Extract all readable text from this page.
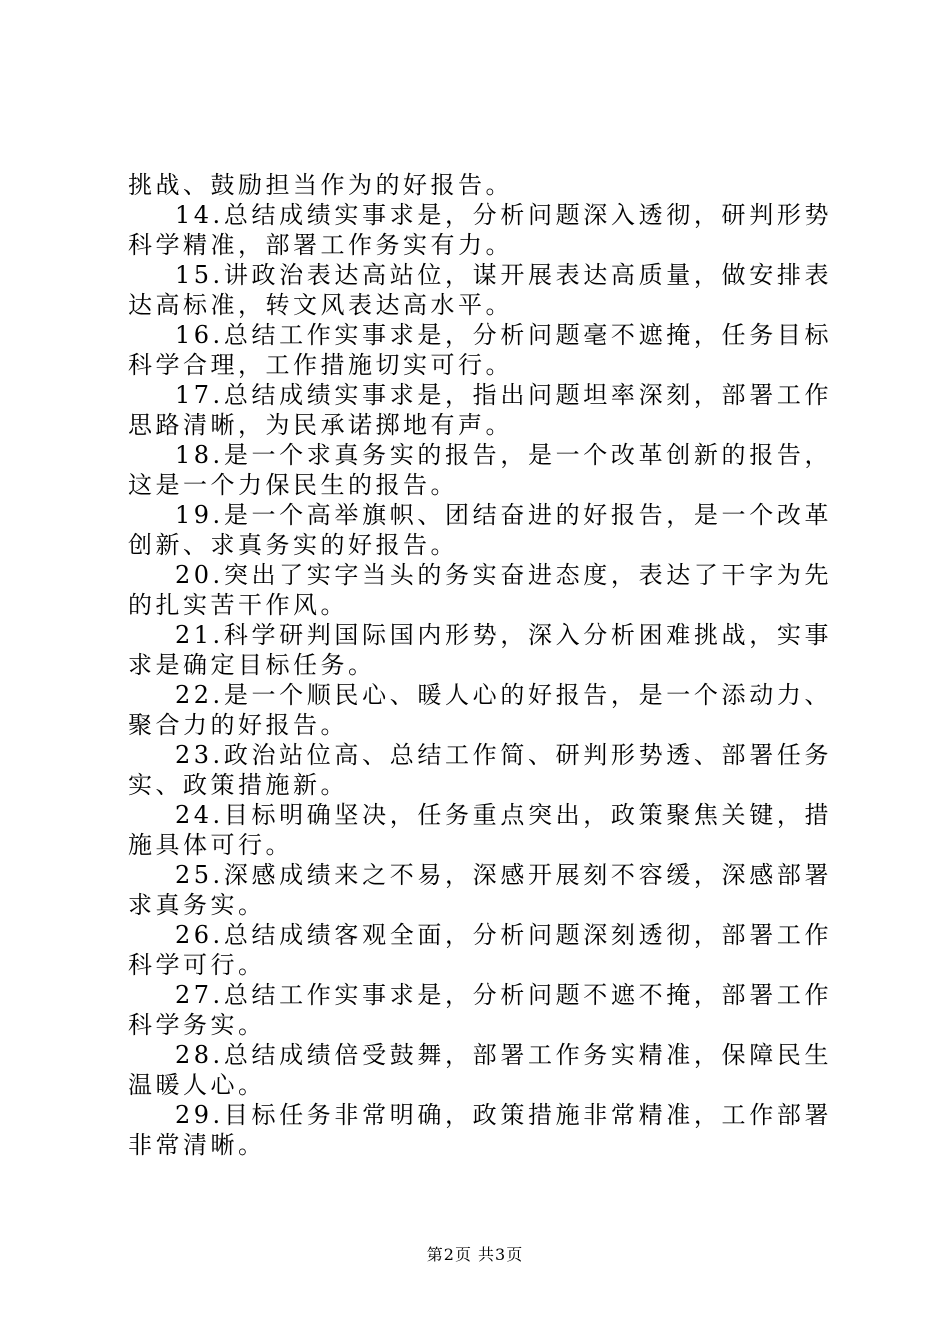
挑战、鼓励担当作为的好报告。

14.总结成绩实事求是，分析问题深入透彻，研判形势科学精准，部署工作务实有力。

15.讲政治表达高站位，谋开展表达高质量，做安排表达高标准，转文风表达高水平。

16.总结工作实事求是，分析问题毫不遮掩，任务目标科学合理，工作措施切实可行。

17.总结成绩实事求是，指出问题坦率深刻，部署工作思路清晰，为民承诺掷地有声。

18.是一个求真务实的报告，是一个改革创新的报告，这是一个力保民生的报告。

19.是一个高举旗帜、团结奋进的好报告，是一个改革创新、求真务实的好报告。

20.突出了实字当头的务实奋进态度，表达了干字为先的扎实苦干作风。

21.科学研判国际国内形势，深入分析困难挑战，实事求是确定目标任务。

22.是一个顺民心、暖人心的好报告，是一个添动力、聚合力的好报告。

23.政治站位高、总结工作简、研判形势透、部署任务实、政策措施新。

24.目标明确坚决，任务重点突出，政策聚焦关键，措施具体可行。

25.深感成绩来之不易，深感开展刻不容缓，深感部署求真务实。

26.总结成绩客观全面，分析问题深刻透彻，部署工作科学可行。

27.总结工作实事求是，分析问题不遮不掩，部署工作科学务实。

28.总结成绩倍受鼓舞，部署工作务实精准，保障民生温暖人心。

29.目标任务非常明确，政策措施非常精准，工作部署非常清晰。

第2页 共3页
